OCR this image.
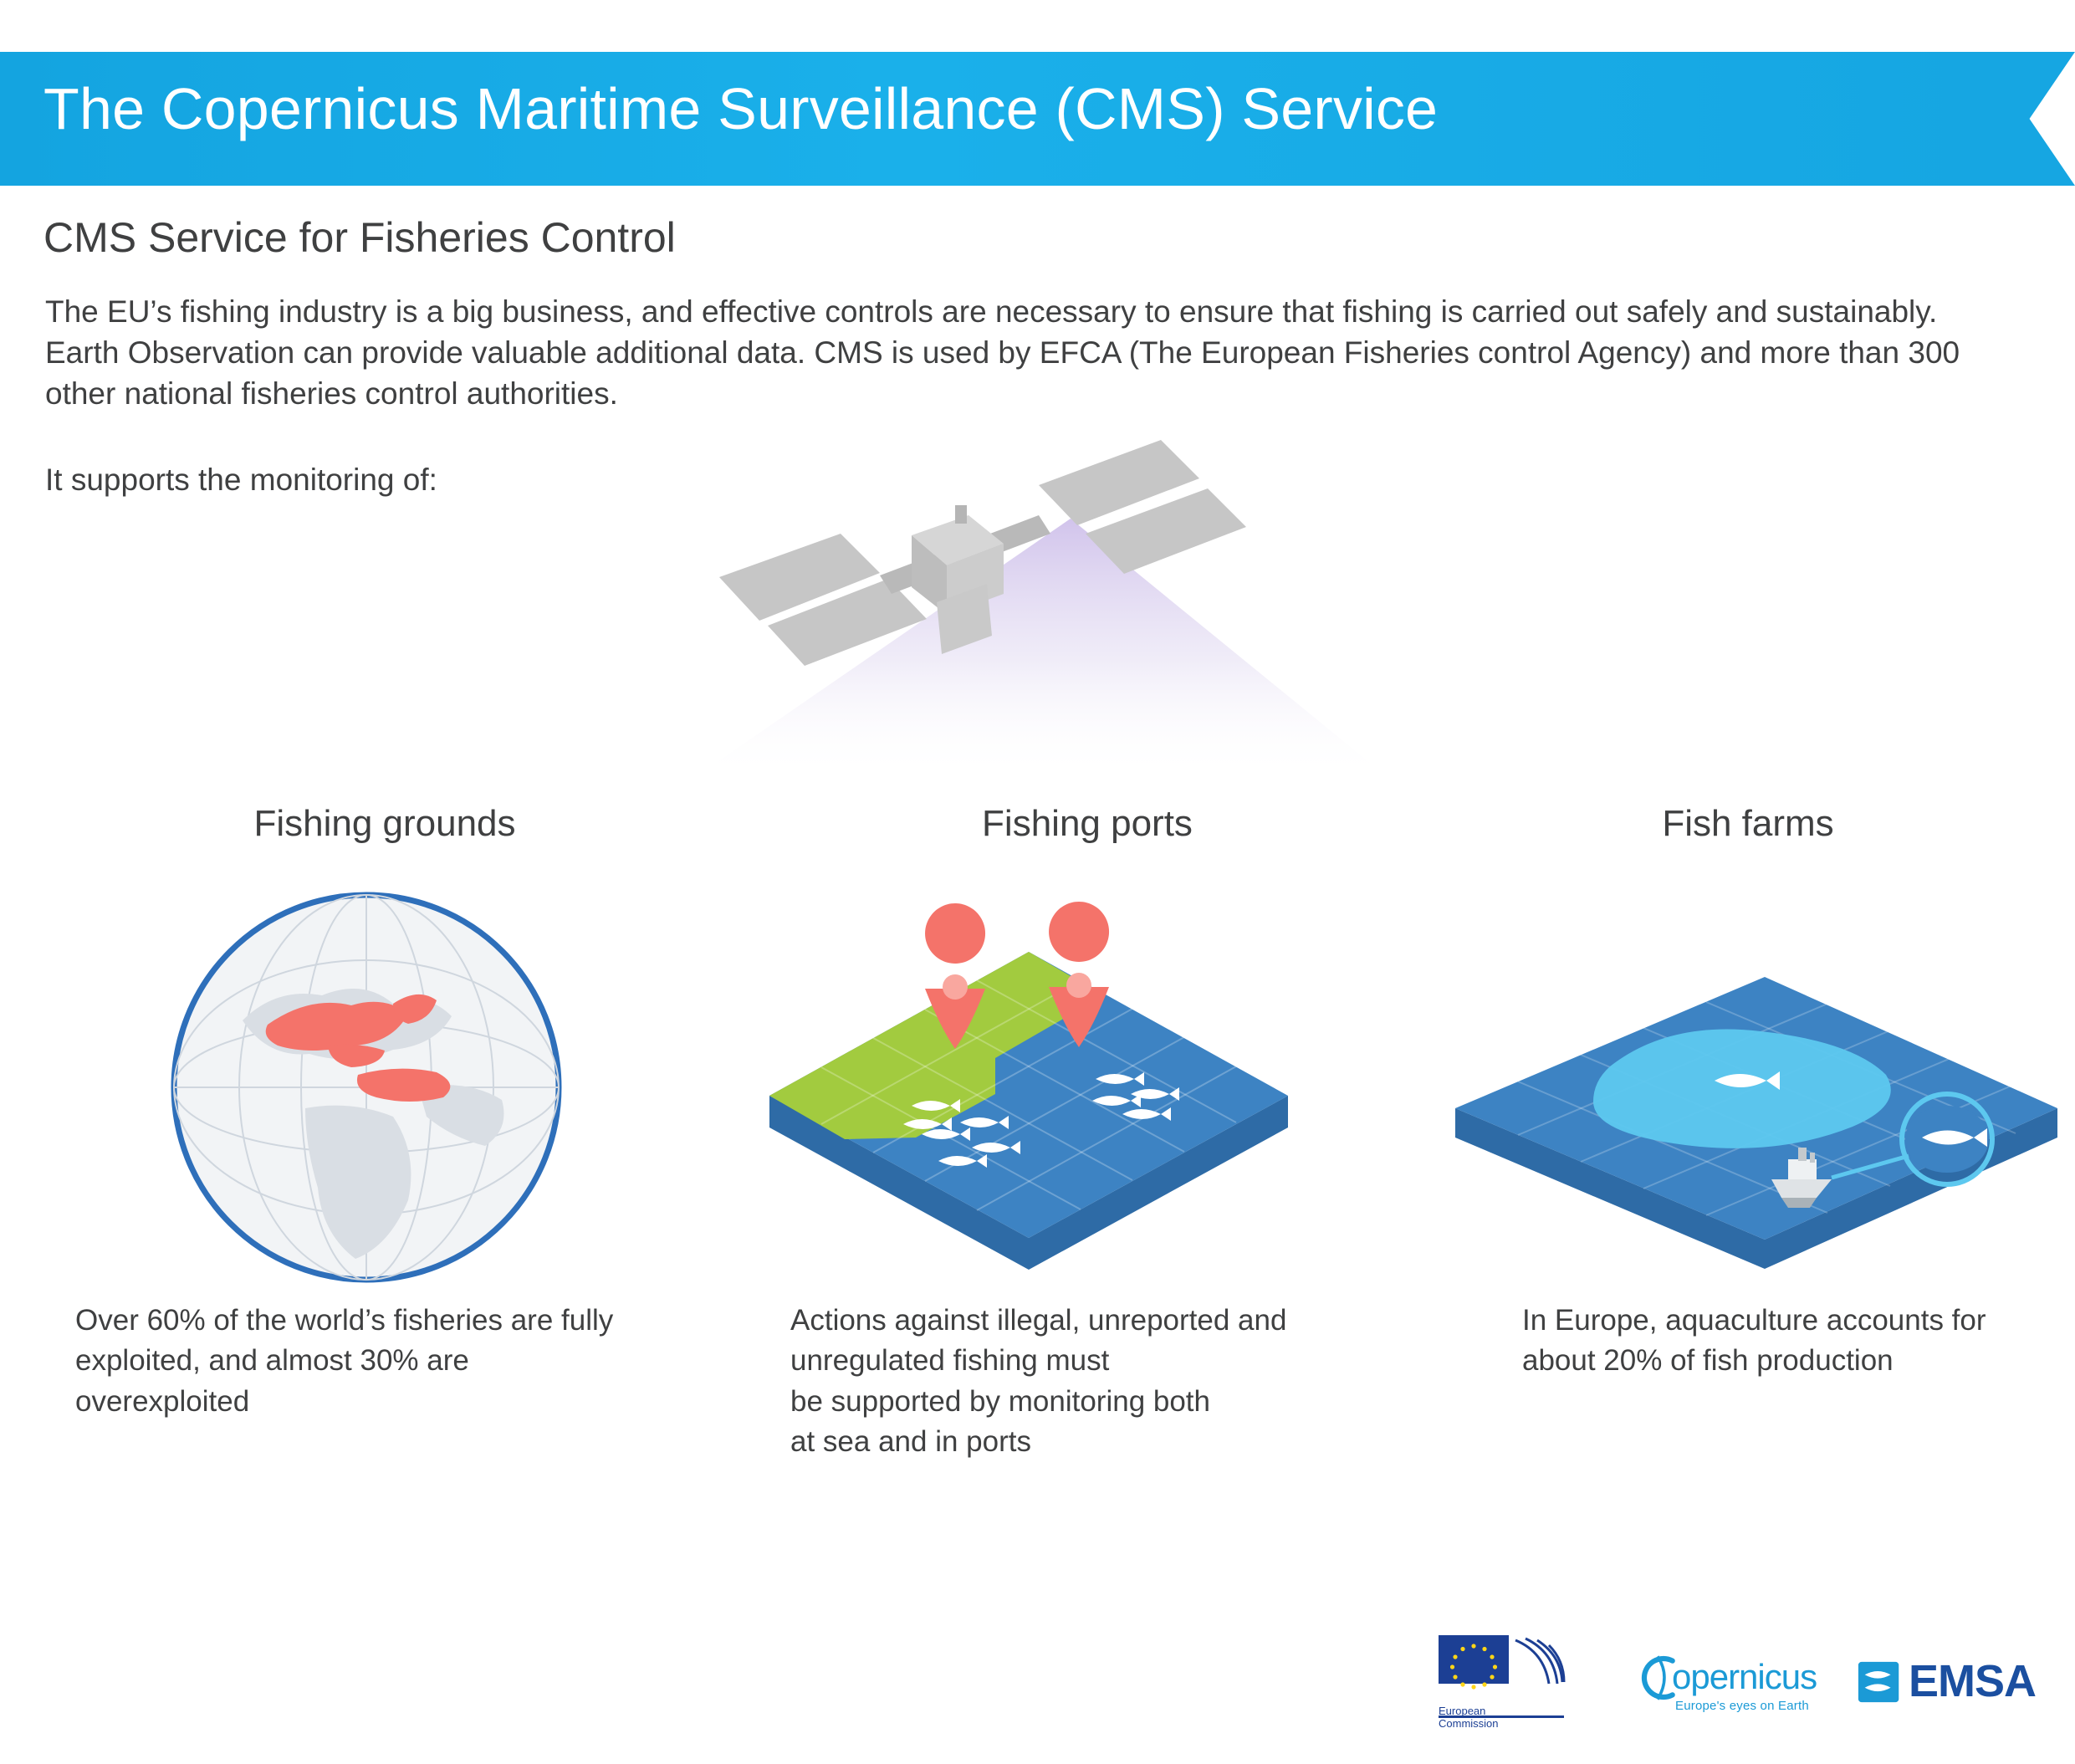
The Copernicus Maritime Surveillance (CMS) Service
CMS Service for Fisheries Control
The EU’s fishing industry is a big business, and effective controls are necessary to ensure that fishing is carried out safely and sustainably. Earth Observation can provide valuable additional data. CMS is used by EFCA (The European Fisheries control Agency) and more than 300 other national fisheries control authorities.
It supports the monitoring of:
Fishing grounds	Fishing ports	Fish farms
Over 60% of the world’s fisheries are fully exploited, and almost 30% are overexploited

Actions against illegal, unreported and

unregulated fishing must

be supported by monitoring both

at sea and in ports

In Europe, aquaculture accounts for about 20% of fish production
European
Commission
opernicus
Europe's eyes on Earth EMSA
